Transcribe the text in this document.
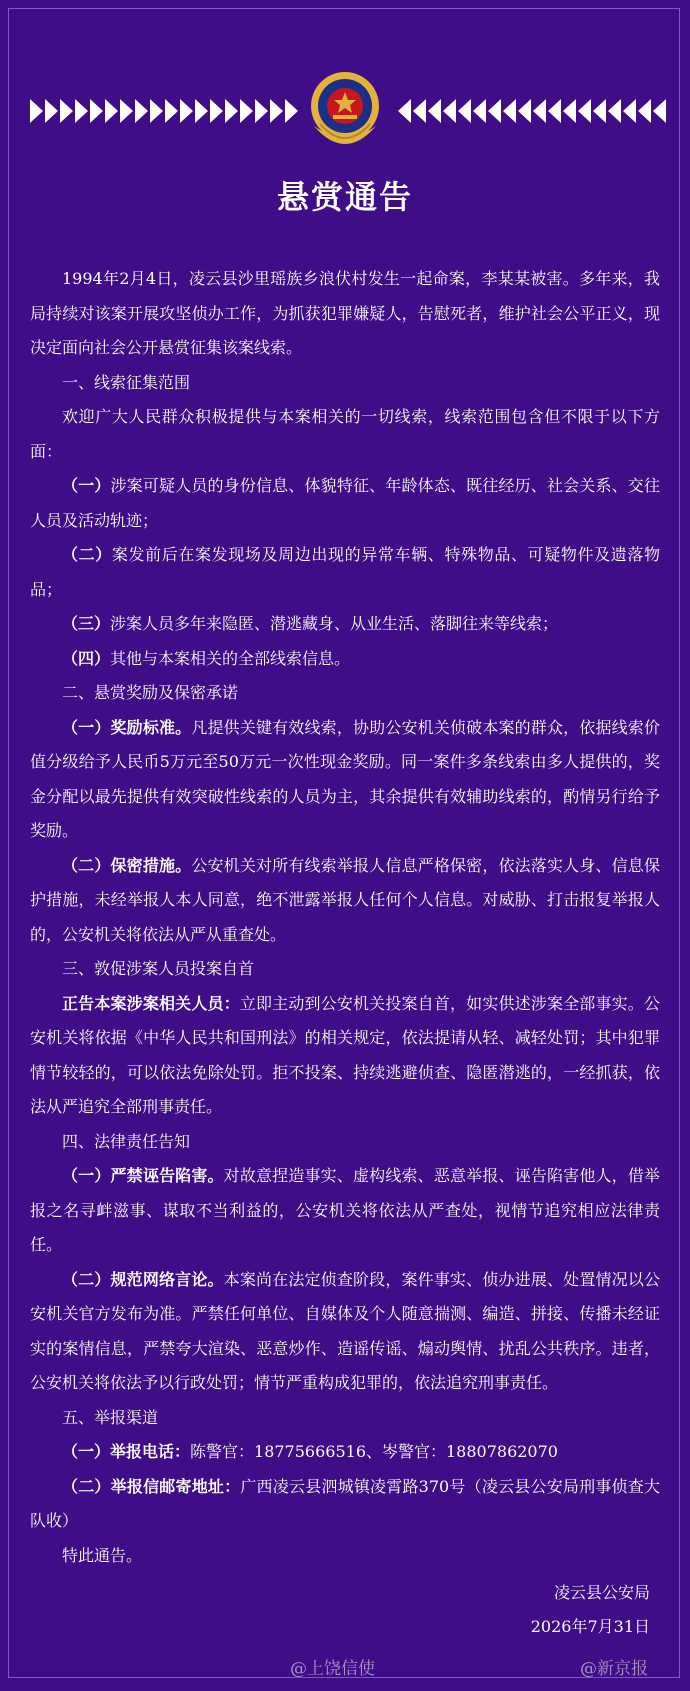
悬赏通告

1994年2月4日，凌云县沙里瑶族乡浪伏村发生一起命案，李某某被害。多年来，我局持续对该案开展攻坚侦办工作，为抓获犯罪嫌疑人，告慰死者，维护社会公平正义，现决定面向社会公开悬赏征集该案线索。

一、线索征集范围

欢迎广大人民群众积极提供与本案相关的一切线索，线索范围包含但不限于以下方面：

（一）涉案可疑人员的身份信息、体貌特征、年龄体态、既往经历、社会关系、交往人员及活动轨迹；

（二）案发前后在案发现场及周边出现的异常车辆、特殊物品、可疑物件及遗落物品；

（三）涉案人员多年来隐匿、潜逃藏身、从业生活、落脚往来等线索；

（四）其他与本案相关的全部线索信息。

二、悬赏奖励及保密承诺

（一）奖励标准。凡提供关键有效线索，协助公安机关侦破本案的群众，依据线索价值分级给予人民币5万元至50万元一次性现金奖励。同一案件多条线索由多人提供的，奖金分配以最先提供有效突破性线索的人员为主，其余提供有效辅助线索的，酌情另行给予奖励。

（二）保密措施。公安机关对所有线索举报人信息严格保密，依法落实人身、信息保护措施，未经举报人本人同意，绝不泄露举报人任何个人信息。对威胁、打击报复举报人的，公安机关将依法从严从重查处。

三、敦促涉案人员投案自首

正告本案涉案相关人员：立即主动到公安机关投案自首，如实供述涉案全部事实。公安机关将依据《中华人民共和国刑法》的相关规定，依法提请从轻、减轻处罚；其中犯罪情节较轻的，可以依法免除处罚。拒不投案、持续逃避侦查、隐匿潜逃的，一经抓获，依法从严追究全部刑事责任。

四、法律责任告知

（一）严禁诬告陷害。对故意捏造事实、虚构线索、恶意举报、诬告陷害他人，借举报之名寻衅滋事、谋取不当利益的，公安机关将依法从严查处，视情节追究相应法律责任。

（二）规范网络言论。本案尚在法定侦查阶段，案件事实、侦办进展、处置情况以公安机关官方发布为准。严禁任何单位、自媒体及个人随意揣测、编造、拼接、传播未经证实的案情信息，严禁夸大渲染、恶意炒作、造谣传谣、煽动舆情、扰乱公共秩序。违者，公安机关将依法予以行政处罚；情节严重构成犯罪的，依法追究刑事责任。

五、举报渠道

（一）举报电话：陈警官：18775666516、岑警官：18807862070

（二）举报信邮寄地址：广西凌云县泗城镇凌霄路370号（凌云县公安局刑事侦查大队收）

特此通告。

凌云县公安局
2026年7月31日
@上饶信使	@新京报
